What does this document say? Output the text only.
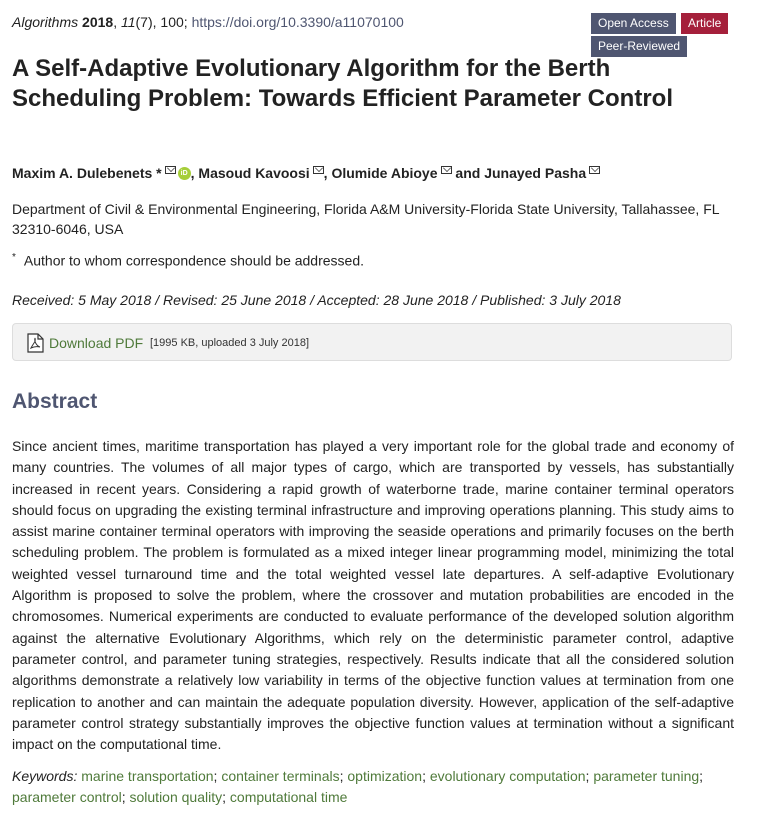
Algorithms 2018, 11(7), 100; https://doi.org/10.3390/a11070100	Open Access	Article
Peer-Reviewed
A Self-Adaptive Evolutionary Algorithm for the Berth Scheduling Problem: Towards Efficient Parameter Control
Maxim A. Dulebenets *	iD , Masoud Kavoosi , Olumide Abioye and Junayed Pasha
Department of Civil & Environmental Engineering, Florida A&M University-Florida State University, Tallahassee, FL 32310-6046, USA
* Author to whom correspondence should be addressed.
Received: 5 May 2018 / Revised: 25 June 2018 / Accepted: 28 June 2018 / Published: 3 July 2018
Download PDF [1995 KB, uploaded 3 July 2018]
Abstract

Since ancient times, maritime transportation has played a very important role for the global trade and economy of many countries. The volumes of all major types of cargo, which are transported by vessels, has substantially increased in recent years. Considering a rapid growth of waterborne trade, marine container terminal operators should focus on upgrading the existing terminal infrastructure and improving operations planning. This study aims to assist marine container terminal operators with improving the seaside operations and primarily focuses on the berth scheduling problem. The problem is formulated as a mixed integer linear programming model, minimizing the total weighted vessel turnaround time and the total weighted vessel late departures. A self-adaptive Evolutionary Algorithm is proposed to solve the problem, where the crossover and mutation probabilities are encoded in the chromosomes. Numerical experiments are conducted to evaluate performance of the developed solution algorithm against the alternative Evolutionary Algorithms, which rely on the deterministic parameter control, adaptive parameter control, and parameter tuning strategies, respectively. Results indicate that all the considered solution algorithms demonstrate a relatively low variability in terms of the objective function values at termination from one replication to another and can maintain the adequate population diversity. However, application of the self-adaptive parameter control strategy substantially improves the objective function values at termination without a significant impact on the computational time.

Keywords: marine transportation; container terminals; optimization; evolutionary computation; parameter tuning; parameter control; solution quality; computational time
